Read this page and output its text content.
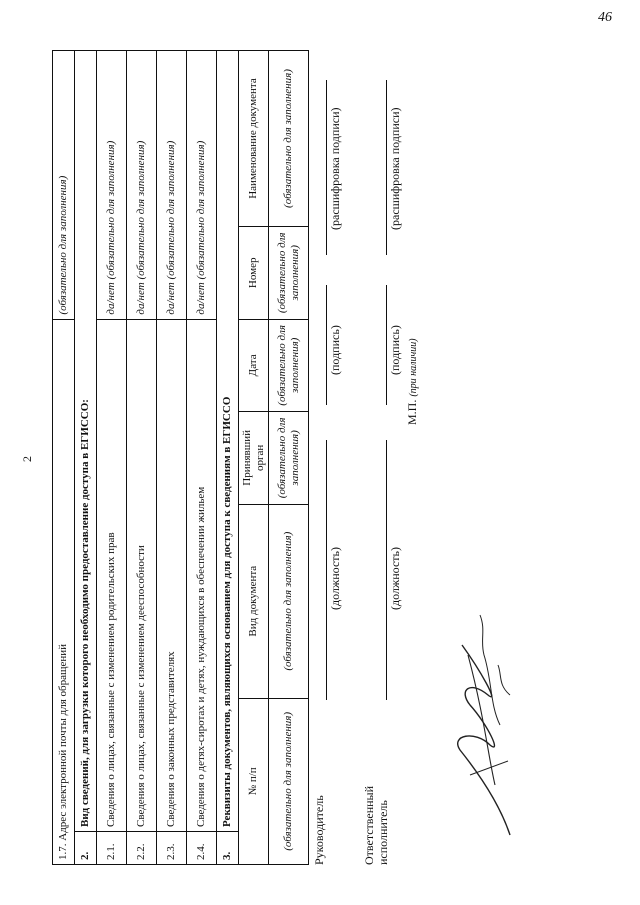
46
2
1.7. Адрес электронной почты для обращений					(обязательно для заполнения)	
2.	Вид сведений, для загрузки которого необходимо предоставление доступа в ЕГИССО:					
2.1.	Сведения о лицах, связанные с изменением родительских прав				да/нет (обязательно для заполнения)	
2.2.	Сведения о лицах, связанные с изменением дееспособности				да/нет (обязательно для заполнения)	
2.3.	Сведения о законных представителях				да/нет (обязательно для заполнения)	
2.4.	Сведения о детях-сиротах и детях, нуждающихся в обеспечении жильем				да/нет (обязательно для заполнения)	
3.	Реквизиты документов, являющихся основанием для доступа к сведениям в ЕГИССО					
№ п/п		Вид документа	Принявший орган	Дата	Номер	Наименование документа
(обязательно для заполнения)		(обязательно для заполнения)	(обязательно для заполнения)	(обязательно для заполнения)	(обязательно для заполнения)	(обязательно для заполнения)
Руководитель
(должность)
(подпись)
(расшифровка подписи)
Ответственный исполнитель
(должность)
(подпись)
(расшифровка подписи)
М.П. (при наличии)
